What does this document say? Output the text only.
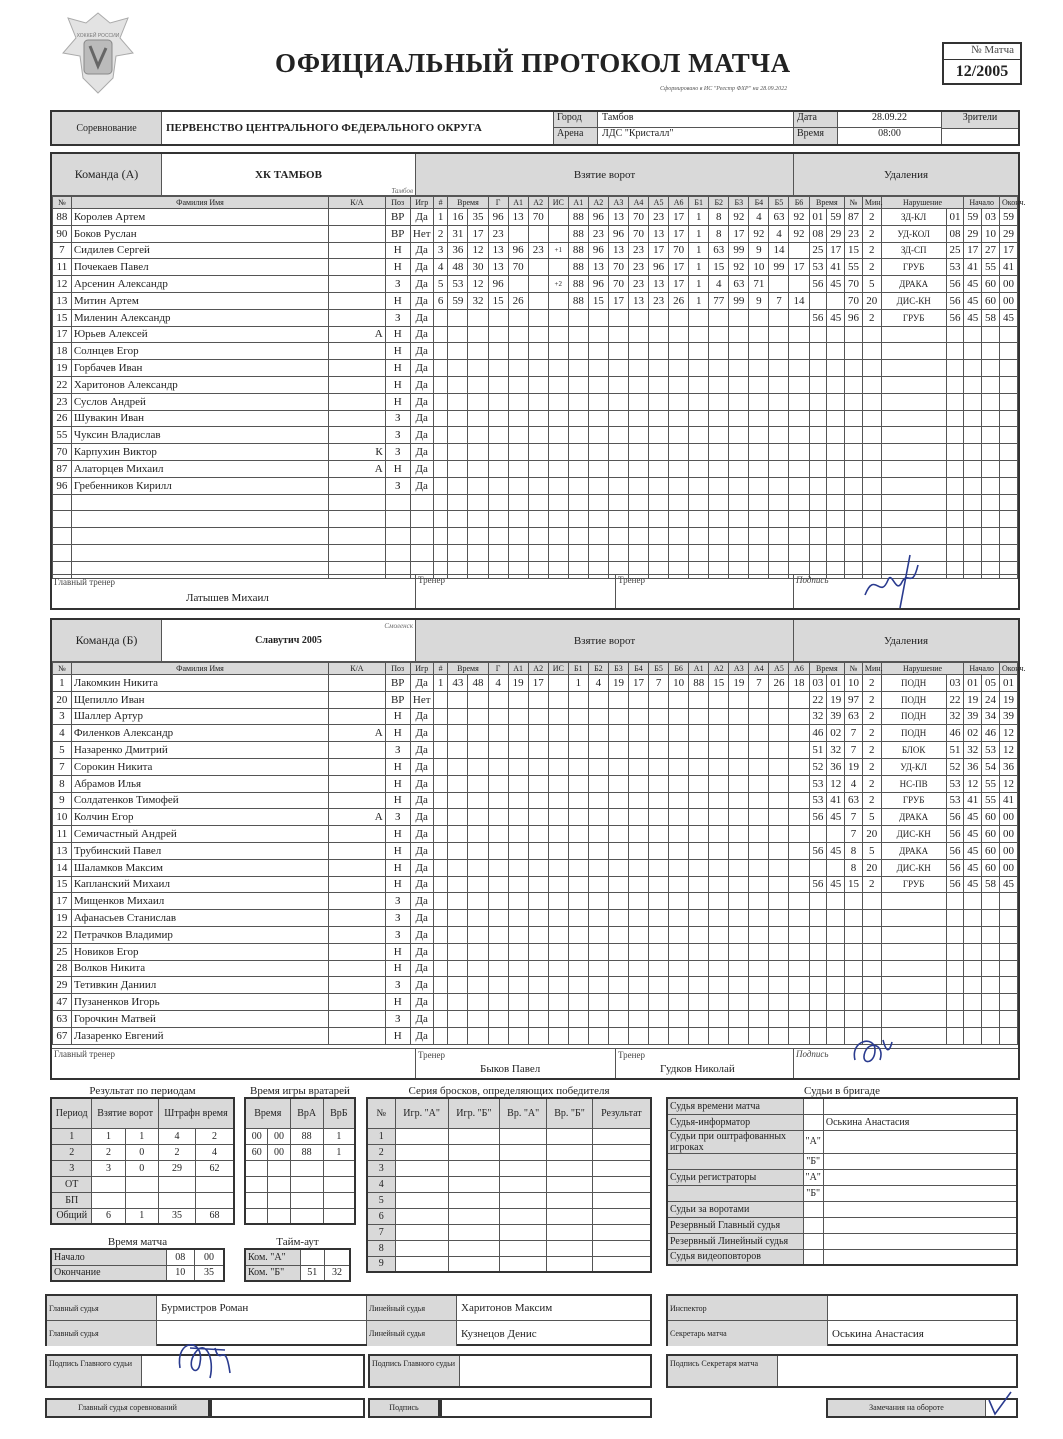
ХОККЕЙ РОССИИ
ОФИЦИАЛЬНЫЙ ПРОТОКОЛ МАТЧА
Сформировано в ИС "Реестр ФХР" на 28.09.2022
№ Матча
12/2005
Соревнование	ПЕРВЕНСТВО ЦЕНТРАЛЬНОГО ФЕДЕРАЛЬНОГО ОКРУГА
Город	Тамбов
Арена	ЛДС "Кристалл"
Дата	28.09.22
Время	08:00
Зрители
Команда (А)	ХК ТАМБОВ
Тамбов
Взятие ворот	Удаления
№	Фамилия Имя	К/А	Поз	Игр	#	Время		Г	А1	А2	ИС	А1	А2	А3	А4	А5	А6	Б1	Б2	Б3	Б4	Б5	Б6	Время		№	Мин.	Нарушение		Начало		Оконч.
88	Королев Артем		ВР	Да	1	16	35	96	13	70		88	96	13	70	23	17	1	8	92	4	63	92	01	59	87	2	ЗД-КЛ	01	59	03	59
90	Боков Руслан		ВР	Нет	2	31	17	23				88	23	96	70	13	17	1	8	17	92	4	92	08	29	23	2	УД-КОЛ	08	29	10	29
7	Сидилев Сергей		Н	Да	3	36	12	13	96	23	+1	88	96	13	23	17	70	1	63	99	9	14		25	17	15	2	ЗД-СП	25	17	27	17
11	Почекаев Павел		Н	Да	4	48	30	13	70			88	13	70	23	96	17	1	15	92	10	99	17	53	41	55	2	ГРУБ	53	41	55	41
12	Арсенин Александр		З	Да	5	53	12	96			+2	88	96	70	23	13	17	1	4	63	71			56	45	70	5	ДРАКА	56	45	60	00
13	Митин Артем		Н	Да	6	59	32	15	26			88	15	17	13	23	26	1	77	99	9	7	14			70	20	ДИС-КН	56	45	60	00
15	Миленин Александр		З	Да																				56	45	96	2	ГРУБ	56	45	58	45
17	Юрьев Алексей	А	Н	Да																												
18	Солнцев Егор		Н	Да																												
19	Горбачев Иван		Н	Да																												
22	Харитонов Александр		Н	Да																												
23	Суслов Андрей		Н	Да																												
26	Шувакин Иван		З	Да																												
55	Чуксин Владислав		З	Да																												
70	Карпухин Виктор	К	З	Да																												
87	Алаторцев Михаил	А	Н	Да																												
96	Гребенников Кирилл		З	Да																												

Главный тренер
Латышев Михаил
Тренер	Тренер	Подпись
Команда (Б)	Славутич 2005
Смоленск
Взятие ворот	Удаления
№	Фамилия Имя	К/А	Поз	Игр	#	Время		Г	А1	А2	ИС	Б1	Б2	Б3	Б4	Б5	Б6	А1	А2	А3	А4	А5	А6	Время		№	Мин.	Нарушение		Начало		Оконч.
1	Лакомкин Никита		ВР	Да	1	43	48	4	19	17		1	4	19	17	7	10	88	15	19	7	26	18	03	01	10	2	ПОДН	03	01	05	01
20	Щепилло Иван		ВР	Нет																				22	19	97	2	ПОДН	22	19	24	19
3	Шаллер Артур		Н	Да																				32	39	63	2	ПОДН	32	39	34	39
4	Филенков Александр	А	Н	Да																				46	02	7	2	ПОДН	46	02	46	12
5	Назаренко Дмитрий		З	Да																				51	32	7	2	БЛОК	51	32	53	12
7	Сорокин Никита		Н	Да																				52	36	19	2	УД-КЛ	52	36	54	36
8	Абрамов Илья		Н	Да																				53	12	4	2	НС-ПВ	53	12	55	12
9	Солдатенков Тимофей		Н	Да																				53	41	63	2	ГРУБ	53	41	55	41
10	Колчин Егор	А	З	Да																				56	45	7	5	ДРАКА	56	45	60	00
11	Семичастный Андрей		Н	Да																						7	20	ДИС-КН	56	45	60	00
13	Трубинский Павел		Н	Да																				56	45	8	5	ДРАКА	56	45	60	00
14	Шаламков Максим		Н	Да																						8	20	ДИС-КН	56	45	60	00
15	Капланский Михаил		Н	Да																				56	45	15	2	ГРУБ	56	45	58	45
17	Мищенков Михаил		З	Да																												
19	Афанасьев Станислав		З	Да																												
22	Петрачков Владимир		З	Да																												
25	Новиков Егор		Н	Да																												
28	Волков Никита		Н	Да																												
29	Тетивкин Даниил		З	Да																												
47	Пузаненков Игорь		Н	Да																												
63	Горочкин Матвей		З	Да																												
67	Лазаренко Евгений		Н	Да																												
Главный тренер	Тренер
Быков Павел
Тренер
Гудков Николай
Подпись
Результат по периодам
Период	Взятие ворот		Штрафн время	
1	1	1	4	2
2	2	0	2	4
3	3	0	29	62
ОТ				
БП				
Общий	6	1	35	68
Время игры вратарей
Время		ВрА	ВрБ
00	00	88	1
60	00	88	1

Время матча
Начало	08	00
Окончание	10	35
Тайм-аут
Ком. "А"		
Ком. "Б"	51	32
Серия бросков, определяющих победителя
№	Игр. "А"	Игр. "Б"	Вр. "А"	Вр. "Б"	Результат
1					
2					
3					
4					
5					
6					
7					
8					
9					
Судьи в бригаде
Судья времени матча		
Судья-информатор		Оськина Анастасия
Судьи при оштрафованных игроках	"А"	
	"Б"	
Судьи регистраторы	"А"	
	"Б"	
Судьи за воротами		
Резервный Главный судья		
Резервный Линейный судья		
Судья видеоповторов		
Главный судья	Бурмистров Роман
Главный судья
Линейный судья	Харитонов Максим
Линейный судья	Кузнецов Денис
Инспектор
Секретарь матча	Оськина Анастасия
Подпись Главного судьи	Подпись Главного судьи	Подпись Секретаря матча
Главный судья соревнований	Подпись	Замечания на обороте
